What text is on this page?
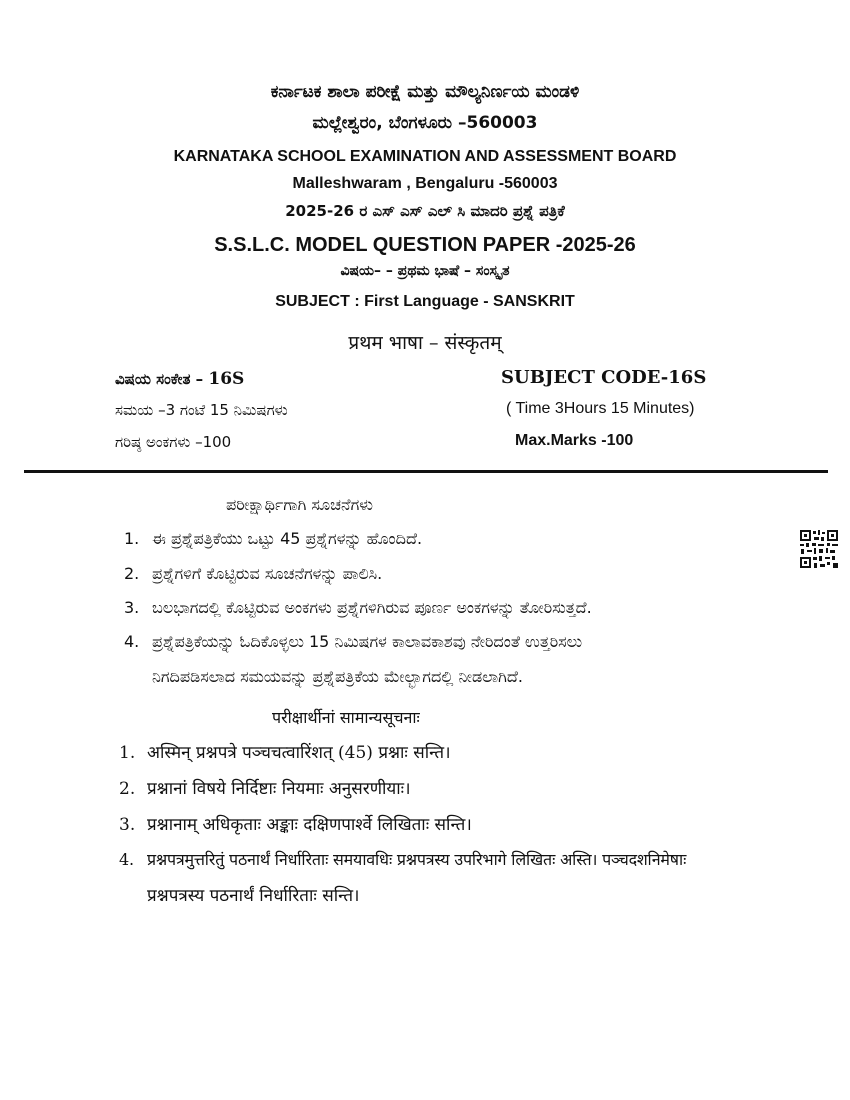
ಕರ್ನಾಟಕ ಶಾಲಾ ಪರೀಕ್ಷೆ ಮತ್ತು ಮೌಲ್ಯನಿರ್ಣಯ ಮಂಡಳಿ
ಮಲ್ಲೇಶ್ವರಂ, ಬೆಂಗಳೂರು –560003
KARNATAKA SCHOOL EXAMINATION AND ASSESSMENT BOARD
Malleshwaram , Bengaluru -560003
2025-26 ರ ಎಸ್ ಎಸ್ ಎಲ್ ಸಿ ಮಾದರಿ ಪ್ರಶ್ನೆ ಪತ್ರಿಕೆ
S.S.L.C. MODEL QUESTION PAPER -2025-26
ವಿಷಯ– – ಪ್ರಥಮ ಭಾಷೆ – ಸಂಸ್ಕೃತ
SUBJECT : First Language - SANSKRIT
प्रथम भाषा – संस्कृतम्
ವಿಷಯ ಸಂಕೇತ – 16S	SUBJECT CODE-16S
ಸಮಯ –3 ಗಂಟೆ 15 ನಿಮಿಷಗಳು	( Time 3Hours 15 Minutes)
ಗರಿಷ್ಠ ಅಂಕಗಳು –100	Max.Marks -100
ಪರೀಕ್ಷಾರ್ಥಿಗಾಗಿ ಸೂಚನೆಗಳು
1. ಈ ಪ್ರಶ್ನೆಪತ್ರಿಕೆಯು ಒಟ್ಟು 45 ಪ್ರಶ್ನೆಗಳನ್ನು ಹೊಂದಿದೆ.
2. ಪ್ರಶ್ನೆಗಳಿಗೆ ಕೊಟ್ಟಿರುವ ಸೂಚನೆಗಳನ್ನು ಪಾಲಿಸಿ.
3. ಬಲಭಾಗದಲ್ಲಿ ಕೊಟ್ಟಿರುವ ಅಂಕಗಳು ಪ್ರಶ್ನೆಗಳಿಗಿರುವ ಪೂರ್ಣ ಅಂಕಗಳನ್ನು ತೋರಿಸುತ್ತದೆ.
4. ಪ್ರಶ್ನೆಪತ್ರಿಕೆಯನ್ನು ಓದಿಕೊಳ್ಳಲು 15 ನಿಮಿಷಗಳ ಕಾಲಾವಕಾಶವು ನೇರಿದಂತೆ ಉತ್ತರಿಸಲು
ನಿಗದಿಪಡಿಸಲಾದ ಸಮಯವನ್ನು ಪ್ರಶ್ನೆಪತ್ರಿಕೆಯ ಮೇಲ್ಭಾಗದಲ್ಲಿ ನೀಡಲಾಗಿದೆ.
परीक्षार्थीनां सामान्यसूचनाः
1. अस्मिन् प्रश्नपत्रे पञ्चचत्वारिंशत् (45) प्रश्नाः सन्ति।
2. प्रश्नानां विषये निर्दिष्टाः नियमाः अनुसरणीयाः।
3. प्रश्नानाम् अधिकृताः अङ्काः दक्षिणपार्श्वे लिखिताः सन्ति।
4. प्रश्नपत्रमुत्तरितुं पठनार्थं निर्धारिताः समयावधिः प्रश्नपत्रस्य उपरिभागे लिखितः अस्ति। पञ्चदशनिमेषाः
प्रश्नपत्रस्य पठनार्थं निर्धारिताः सन्ति।
